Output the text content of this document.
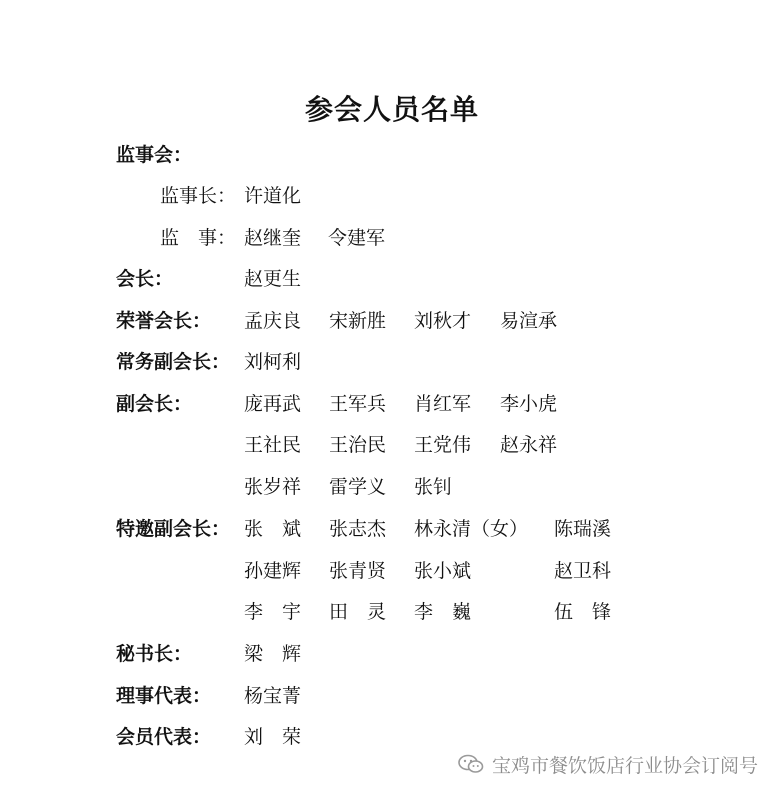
参会人员名单
监事会：
监事长： 许道化
监　事： 赵继奎 令建军
会长：	赵更生
荣誉会长： 孟庆良 宋新胜 刘秋才 易渲承
常务副会长： 刘柯利
副会长：	庞再武 王军兵 肖红军 李小虎
王社民 王治民 王党伟 赵永祥
张岁祥 雷学义 张钊
特邀副会长： 张　斌 张志杰 林永清（女） 陈瑞溪
孙建辉 张青贤 张小斌	赵卫科
李　宇 田　灵 李　巍	伍　锋
秘书长：	梁　辉
理事代表： 杨宝菁
会员代表： 刘　荣
宝鸡市餐饮饭店行业协会订阅号
